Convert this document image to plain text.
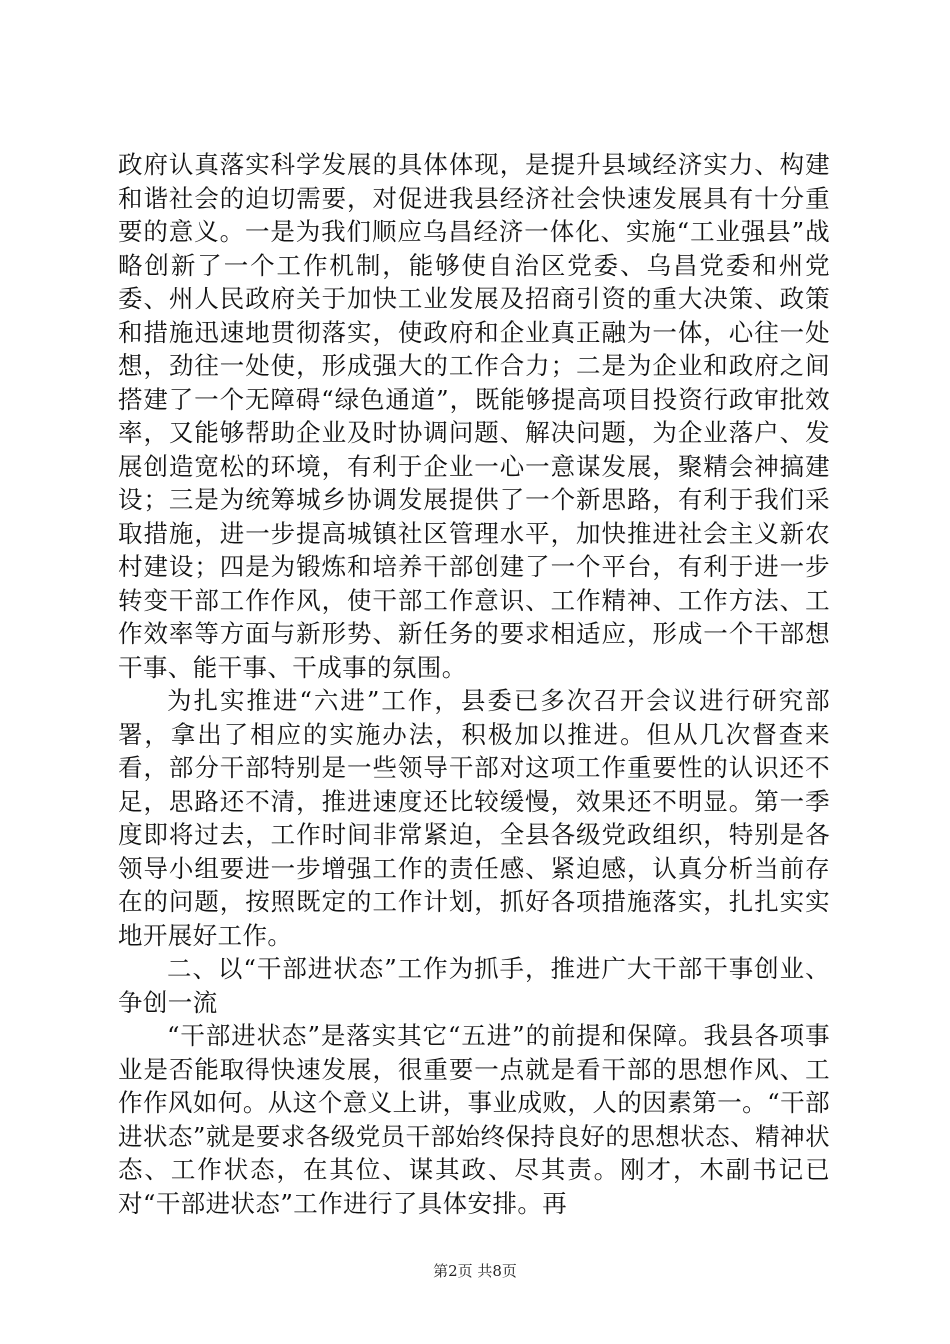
政府认真落实科学发展的具体体现，是提升县域经济实力、构建和谐社会的迫切需要，对促进我县经济社会快速发展具有十分重要的意义。一是为我们顺应乌昌经济一体化、实施“工业强县”战略创新了一个工作机制，能够使自治区党委、乌昌党委和州党委、州人民政府关于加快工业发展及招商引资的重大决策、政策和措施迅速地贯彻落实，使政府和企业真正融为一体，心往一处想，劲往一处使，形成强大的工作合力；二是为企业和政府之间搭建了一个无障碍“绿色通道”，既能够提高项目投资行政审批效率，又能够帮助企业及时协调问题、解决问题，为企业落户、发展创造宽松的环境，有利于企业一心一意谋发展，聚精会神搞建设；三是为统筹城乡协调发展提供了一个新思路，有利于我们采取措施，进一步提高城镇社区管理水平，加快推进社会主义新农村建设；四是为锻炼和培养干部创建了一个平台，有利于进一步转变干部工作作风，使干部工作意识、工作精神、工作方法、工作效率等方面与新形势、新任务的要求相适应，形成一个干部想干事、能干事、干成事的氛围。

为扎实推进“六进”工作，县委已多次召开会议进行研究部署，拿出了相应的实施办法，积极加以推进。但从几次督查来看，部分干部特别是一些领导干部对这项工作重要性的认识还不足，思路还不清，推进速度还比较缓慢，效果还不明显。第一季度即将过去，工作时间非常紧迫，全县各级党政组织，特别是各领导小组要进一步增强工作的责任感、紧迫感，认真分析当前存在的问题，按照既定的工作计划，抓好各项措施落实，扎扎实实地开展好工作。

二、以“干部进状态”工作为抓手，推进广大干部干事创业、争创一流

“干部进状态”是落实其它“五进”的前提和保障。我县各项事业是否能取得快速发展，很重要一点就是看干部的思想作风、工作作风如何。从这个意义上讲，事业成败，人的因素第一。“干部进状态”就是要求各级党员干部始终保持良好的思想状态、精神状态、工作状态，在其位、谋其政、尽其责。刚才，木副书记已对“干部进状态”工作进行了具体安排。再

第2页 共8页
